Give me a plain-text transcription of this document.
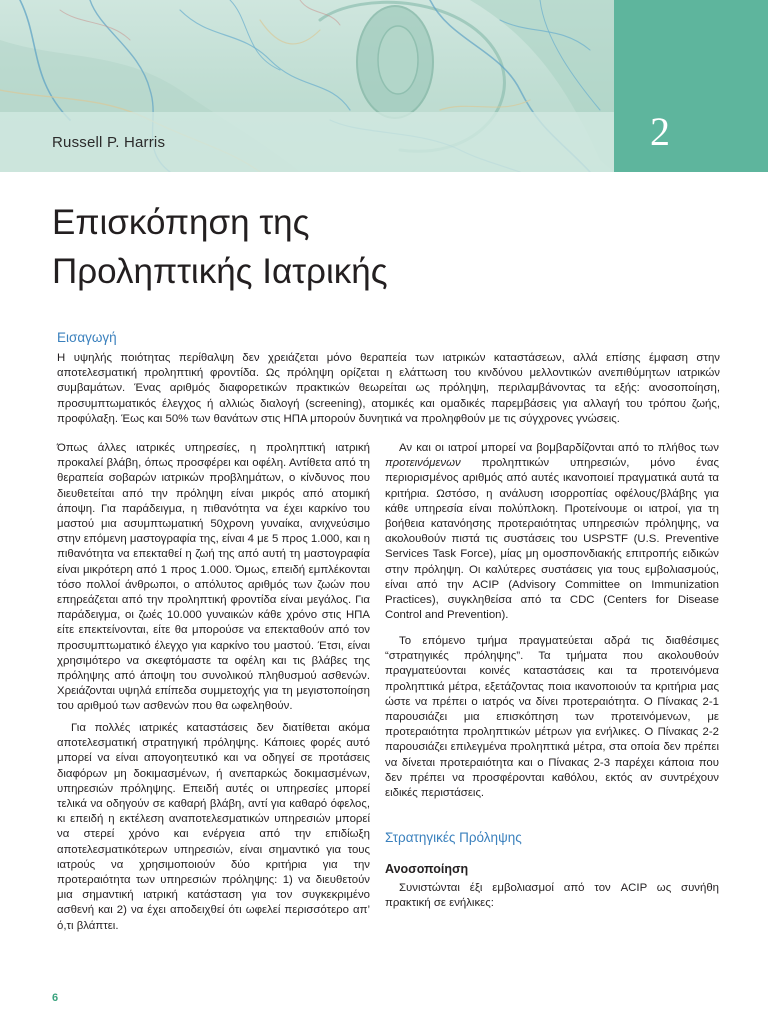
Russell P. Harris	2
Επισκόπηση της
Προληπτικής Ιατρικής
Εισαγωγή

Η υψηλής ποιότητας περίθαλψη δεν χρειάζεται μόνο θεραπεία των ιατρικών καταστάσεων, αλλά επίσης έμφαση στην αποτελεσματική προληπτική φροντίδα. Ως πρόληψη ορίζεται η ελάττωση του κινδύνου μελλοντικών ανεπιθύμητων ιατρικών συμβαμάτων. Ένας αριθμός διαφορετικών πρακτικών θεωρείται ως πρόληψη, περιλαμβάνοντας τα εξής: ανοσοποίηση, προσυμπτωματικός έλεγχος ή αλλιώς διαλογή (screening), ατομικές και ομαδικές παρεμβάσεις για αλλαγή του τρόπου ζωής, προφύλαξη. Έως και 50% των θανάτων στις ΗΠΑ μπορούν δυνητικά να προληφθούν με τις σύγχρονες γνώσεις.

Όπως άλλες ιατρικές υπηρεσίες, η προληπτική ιατρική προκαλεί βλάβη, όπως προσφέρει και οφέλη. Αντίθετα από τη θεραπεία σοβαρών ιατρικών προβλημάτων, ο κίνδυνος που διευθετείται από την πρόληψη είναι μικρός από ατομική άποψη. Για παράδειγμα, η πιθανότητα να έχει καρκίνο του μαστού μια ασυμπτωματική 50χρονη γυναίκα, ανιχνεύσιμο στην επόμενη μαστογραφία της, είναι 4 με 5 προς 1.000, και η πιθανότητα να επεκταθεί η ζωή της από αυτή τη μαστογραφία είναι μικρότερη από 1 προς 1.000. Όμως, επειδή εμπλέκονται τόσο πολλοί άνθρωποι, ο απόλυτος αριθμός των ζωών που επηρεάζεται από την προληπτική φροντίδα είναι μεγάλος. Για παράδειγμα, οι ζωές 10.000 γυναικών κάθε χρόνο στις ΗΠΑ είτε επεκτείνονται, είτε θα μπορούσε να επεκταθούν από τον προσυμπτωματικό έλεγχο για καρκίνο του μαστού. Έτσι, είναι χρησιμότερο να σκεφτόμαστε τα οφέλη και τις βλάβες της πρόληψης από άποψη του συνολικού πληθυσμού ασθενών. Χρειάζονται υψηλά επίπεδα συμμετοχής για τη μεγιστοποίηση του αριθμού των ασθενών που θα ωφεληθούν.

Για πολλές ιατρικές καταστάσεις δεν διατίθεται ακόμα αποτελεσματική στρατηγική πρόληψης. Κάποιες φορές αυτό μπορεί να είναι απογοητευτικό και να οδηγεί σε προτάσεις διαφόρων μη δοκιμασμένων, ή ανεπαρκώς δοκιμασμένων, υπηρεσιών πρόληψης. Επειδή αυτές οι υπηρεσίες μπορεί τελικά να οδηγούν σε καθαρή βλάβη, αντί για καθαρό όφελος, κι επειδή η εκτέλεση αναποτελεσματικών υπηρεσιών μπορεί να στερεί χρόνο και ενέργεια από την επιδίωξη αποτελεσματικότερων υπηρεσιών, είναι σημαντικό για τους ιατρούς να χρησιμοποιούν δύο κριτήρια για την προτεραιότητα των υπηρεσιών πρόληψης: 1) να διευθετούν μια σημαντική ιατρική κατάσταση για τον συγκεκριμένο ασθενή και 2) να έχει αποδειχθεί ότι ωφελεί περισσότερο απ’ ό,τι βλάπτει.

Αν και οι ιατροί μπορεί να βομβαρδίζονται από το πλήθος των προτεινόμενων προληπτικών υπηρεσιών, μόνο ένας περιορισμένος αριθμός από αυτές ικανοποιεί πραγματικά αυτά τα κριτήρια. Ωστόσο, η ανάλυση ισορροπίας οφέλους/βλάβης για κάθε υπηρεσία είναι πολύπλοκη. Προτείνουμε οι ιατροί, για τη βοήθεια κατανόησης προτεραιότητας υπηρεσιών πρόληψης, να ακολουθούν πιστά τις συστάσεις του USPSTF (U.S. Preventive Services Task Force), μίας μη ομοσπονδιακής επιτροπής ειδικών στην πρόληψη. Οι καλύτερες συστάσεις για τους εμβολιασμούς, είναι από την ACIP (Advisory Committee on Immunization Practices), συγκληθείσα από τα CDC (Centers for Disease Control and Prevention).

Το επόμενο τμήμα πραγματεύεται αδρά τις διαθέσιμες “στρατηγικές πρόληψης”. Τα τμήματα που ακολουθούν πραγματεύονται κοινές καταστάσεις και τα προτεινόμενα προληπτικά μέτρα, εξετάζοντας ποια ικανοποιούν τα κριτήρια μας ώστε να πρέπει ο ιατρός να δίνει προτεραιότητα. Ο Πίνακας 2-1 παρουσιάζει μια επισκόπηση των προτεινόμενων, με προτεραιότητα προληπτικών μέτρων για ενήλικες. Ο Πίνακας 2-2 παρουσιάζει επιλεγμένα προληπτικά μέτρα, στα οποία δεν πρέπει να δίνεται προτεραιότητα και ο Πίνακας 2-3 παρέχει κάποια που δεν πρέπει να προσφέρονται καθόλου, εκτός αν συντρέχουν ειδικές περιστάσεις.

Στρατηγικές Πρόληψης
Ανοσοποίηση

Συνιστώνται έξι εμβολιασμοί από τον ACIP ως συνήθη πρακτική σε ενήλικες:

6
